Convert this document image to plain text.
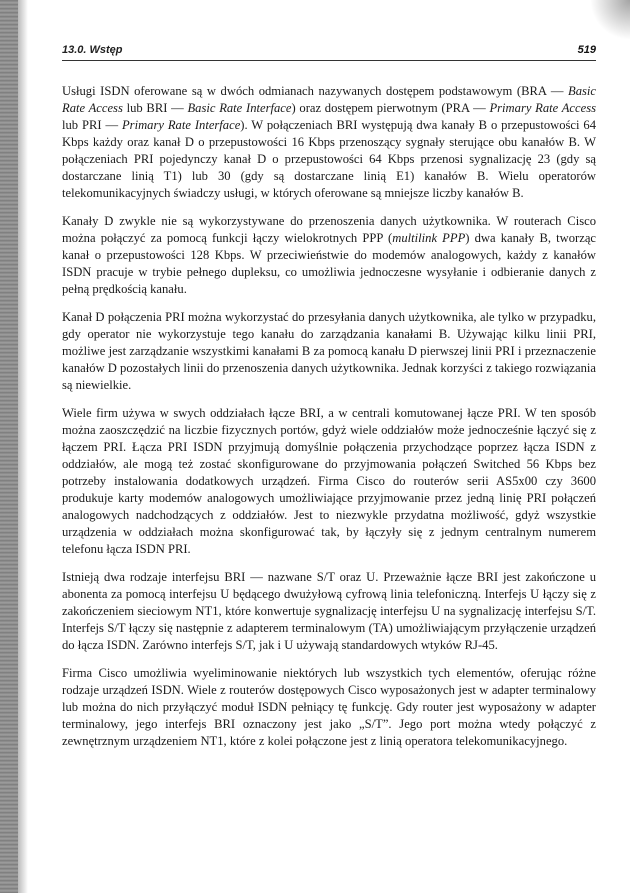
13.0. Wstęp	519

Usługi ISDN oferowane są w dwóch odmianach nazywanych dostępem podstawowym (BRA — Basic Rate Access lub BRI — Basic Rate Interface) oraz dostępem pierwotnym (PRA — Primary Rate Access lub PRI — Primary Rate Interface). W połączeniach BRI występują dwa kanały B o przepustowości 64 Kbps każdy oraz kanał D o przepustowości 16 Kbps przenoszący sygnały sterujące obu kanałów B. W połączeniach PRI pojedynczy kanał D o przepustowości 64 Kbps przenosi sygnalizację 23 (gdy są dostarczane linią T1) lub 30 (gdy są dostarczane linią E1) kanałów B. Wielu operatorów telekomunikacyjnych świadczy usługi, w których oferowane są mniejsze liczby kanałów B.

Kanały D zwykle nie są wykorzystywane do przenoszenia danych użytkownika. W routerach Cisco można połączyć za pomocą funkcji łączy wielokrotnych PPP (multilink PPP) dwa kanały B, tworząc kanał o przepustowości 128 Kbps. W przeciwieństwie do modemów analogowych, każdy z kanałów ISDN pracuje w trybie pełnego dupleksu, co umożliwia jednoczesne wysyłanie i odbieranie danych z pełną prędkością kanału.

Kanał D połączenia PRI można wykorzystać do przesyłania danych użytkownika, ale tylko w przypadku, gdy operator nie wykorzystuje tego kanału do zarządzania kanałami B. Używając kilku linii PRI, możliwe jest zarządzanie wszystkimi kanałami B za pomocą kanału D pierwszej linii PRI i przeznaczenie kanałów D pozostałych linii do przenoszenia danych użytkownika. Jednak korzyści z takiego rozwiązania są niewielkie.

Wiele firm używa w swych oddziałach łącze BRI, a w centrali komutowanej łącze PRI. W ten sposób można zaoszczędzić na liczbie fizycznych portów, gdyż wiele oddziałów może jednocześnie łączyć się z łączem PRI. Łącza PRI ISDN przyjmują domyślnie połączenia przychodzące poprzez łącza ISDN z oddziałów, ale mogą też zostać skonfigurowane do przyjmowania połączeń Switched 56 Kbps bez potrzeby instalowania dodatkowych urządzeń. Firma Cisco do routerów serii AS5x00 czy 3600 produkuje karty modemów analogowych umożliwiające przyjmowanie przez jedną linię PRI połączeń analogowych nadchodzących z oddziałów. Jest to niezwykle przydatna możliwość, gdyż wszystkie urządzenia w oddziałach można skonfigurować tak, by łączyły się z jednym centralnym numerem telefonu łącza ISDN PRI.

Istnieją dwa rodzaje interfejsu BRI — nazwane S/T oraz U. Przeważnie łącze BRI jest zakończone u abonenta za pomocą interfejsu U będącego dwużyłową cyfrową linia telefoniczną. Interfejs U łączy się z zakończeniem sieciowym NT1, które konwertuje sygnalizację interfejsu U na sygnalizację interfejsu S/T. Interfejs S/T łączy się następnie z adapterem terminalowym (TA) umożliwiającym przyłączenie urządzeń do łącza ISDN. Zarówno interfejs S/T, jak i U używają standardowych wtyków RJ-45.

Firma Cisco umożliwia wyeliminowanie niektórych lub wszystkich tych elementów, oferując różne rodzaje urządzeń ISDN. Wiele z routerów dostępowych Cisco wyposażonych jest w adapter terminalowy lub można do nich przyłączyć moduł ISDN pełniący tę funkcję. Gdy router jest wyposażony w adapter terminalowy, jego interfejs BRI oznaczony jest jako „S/T”. Jego port można wtedy połączyć z zewnętrznym urządzeniem NT1, które z kolei połączone jest z linią operatora telekomunikacyjnego.
